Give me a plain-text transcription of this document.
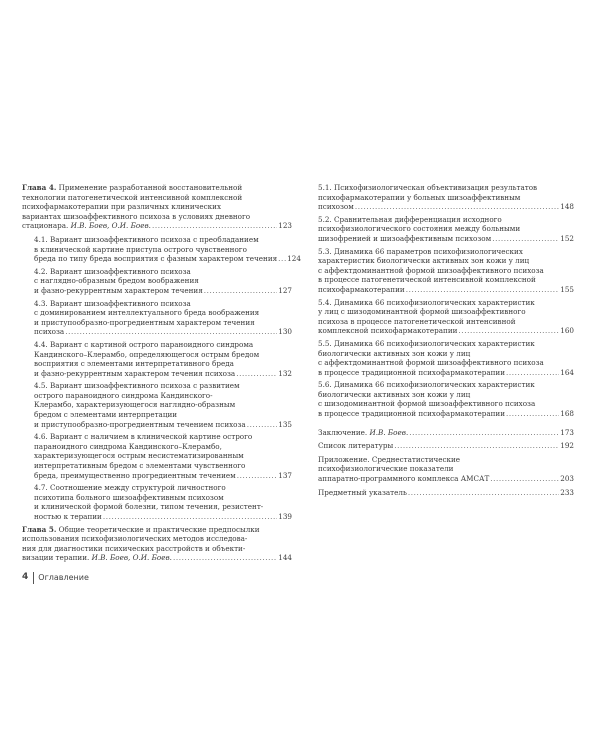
Глава 4. Применение разработанной восстановительной
технологии патогенетической интенсивной комплексной
психофармакотерапии при различных клинических
вариантах шизоаффективного психоза в условиях дневного
стационара. И.В. Боев, О.И. Боев. .....	123
4.1. Вариант шизоаффективного психоза с преобладанием
в клинической картине приступа острого чувственного
бреда по типу бреда восприятия с фазным характером течения ..... 124
4.2. Вариант шизоаффективного психоза
с наглядно-образным бредом воображения
и фазно-рекуррентным характером течения .....	127
4.3. Вариант шизоаффективного психоза
с доминированием интеллектуального бреда воображения
и приступообразно-прогредиентным характером течения
психоза .....	130
4.4. Вариант с картиной острого параноидного синдрома
Кандинского–Клерамбо, определяющегося острым бредом
восприятия с элементами интерпретативного бреда
и фазно-рекуррентным характером течения психоза .....	132
4.5. Вариант шизоаффективного психоза с развитием
острого параноидного синдрома Кандинского-
Клерамбо, характеризующегося наглядно-образным
бредом с элементами интерпретации
и приступообразно-прогредиентным течением психоза .....	135
4.6. Вариант с наличием в клинической картине острого
параноидного синдрома Кандинского–Клерамбо,
характеризующегося острым несистематизированным
интерпретативным бредом с элементами чувственного
бреда, преимущественно прогредиентным течением .....	137
4.7. Соотношение между структурой личностного
психотипа больного шизоаффективным психозом
и клинической формой болезни, типом течения, резистент-
ностью к терапии .....	139
Глава 5. Общие теоретические и практические предпосылки
использования психофизиологических методов исследова-
ния для диагностики психических расстройств и объекти-
визации терапии. И.В. Боев, О.И. Боев. .....	144
5.1. Психофизиологическая объективизация результатов
психофармакотерапии у больных шизоаффективным
психозом .....	148
5.2. Сравнительная дифференциация исходного
психофизиологического состояния между больными
шизофренией и шизоаффективным психозом .....	152
5.3. Динамика 66 параметров психофизиологических
характеристик биологически активных зон кожи у лиц
с аффектдоминантной формой шизоаффективного психоза
в процессе патогенетической интенсивной комплексной
психофармакотерапии .....	155
5.4. Динамика 66 психофизиологических характеристик
у лиц с шизодоминантной формой шизоаффективного
психоза в процессе патогенетической интенсивной
комплексной психофармакотерапии .....	160
5.5. Динамика 66 психофизиологических характеристик
биологически активных зон кожи у лиц
с аффектдоминантной формой шизоаффективного психоза
в процессе традиционной психофармакотерапии .....	164
5.6. Динамика 66 психофизиологических характеристик
биологически активных зон кожи у лиц
с шизодоминантной формой шизоаффективного психоза
в процессе традиционной психофармакотерапии .....	168
Заключение. И.В. Боев. .....	173
Список литературы .....	192
Приложение. Среднестатистические
психофизиологические показатели
аппаратно-программного комплекса АМСАТ .....	203
Предметный указатель .....	233
4 Оглавление
